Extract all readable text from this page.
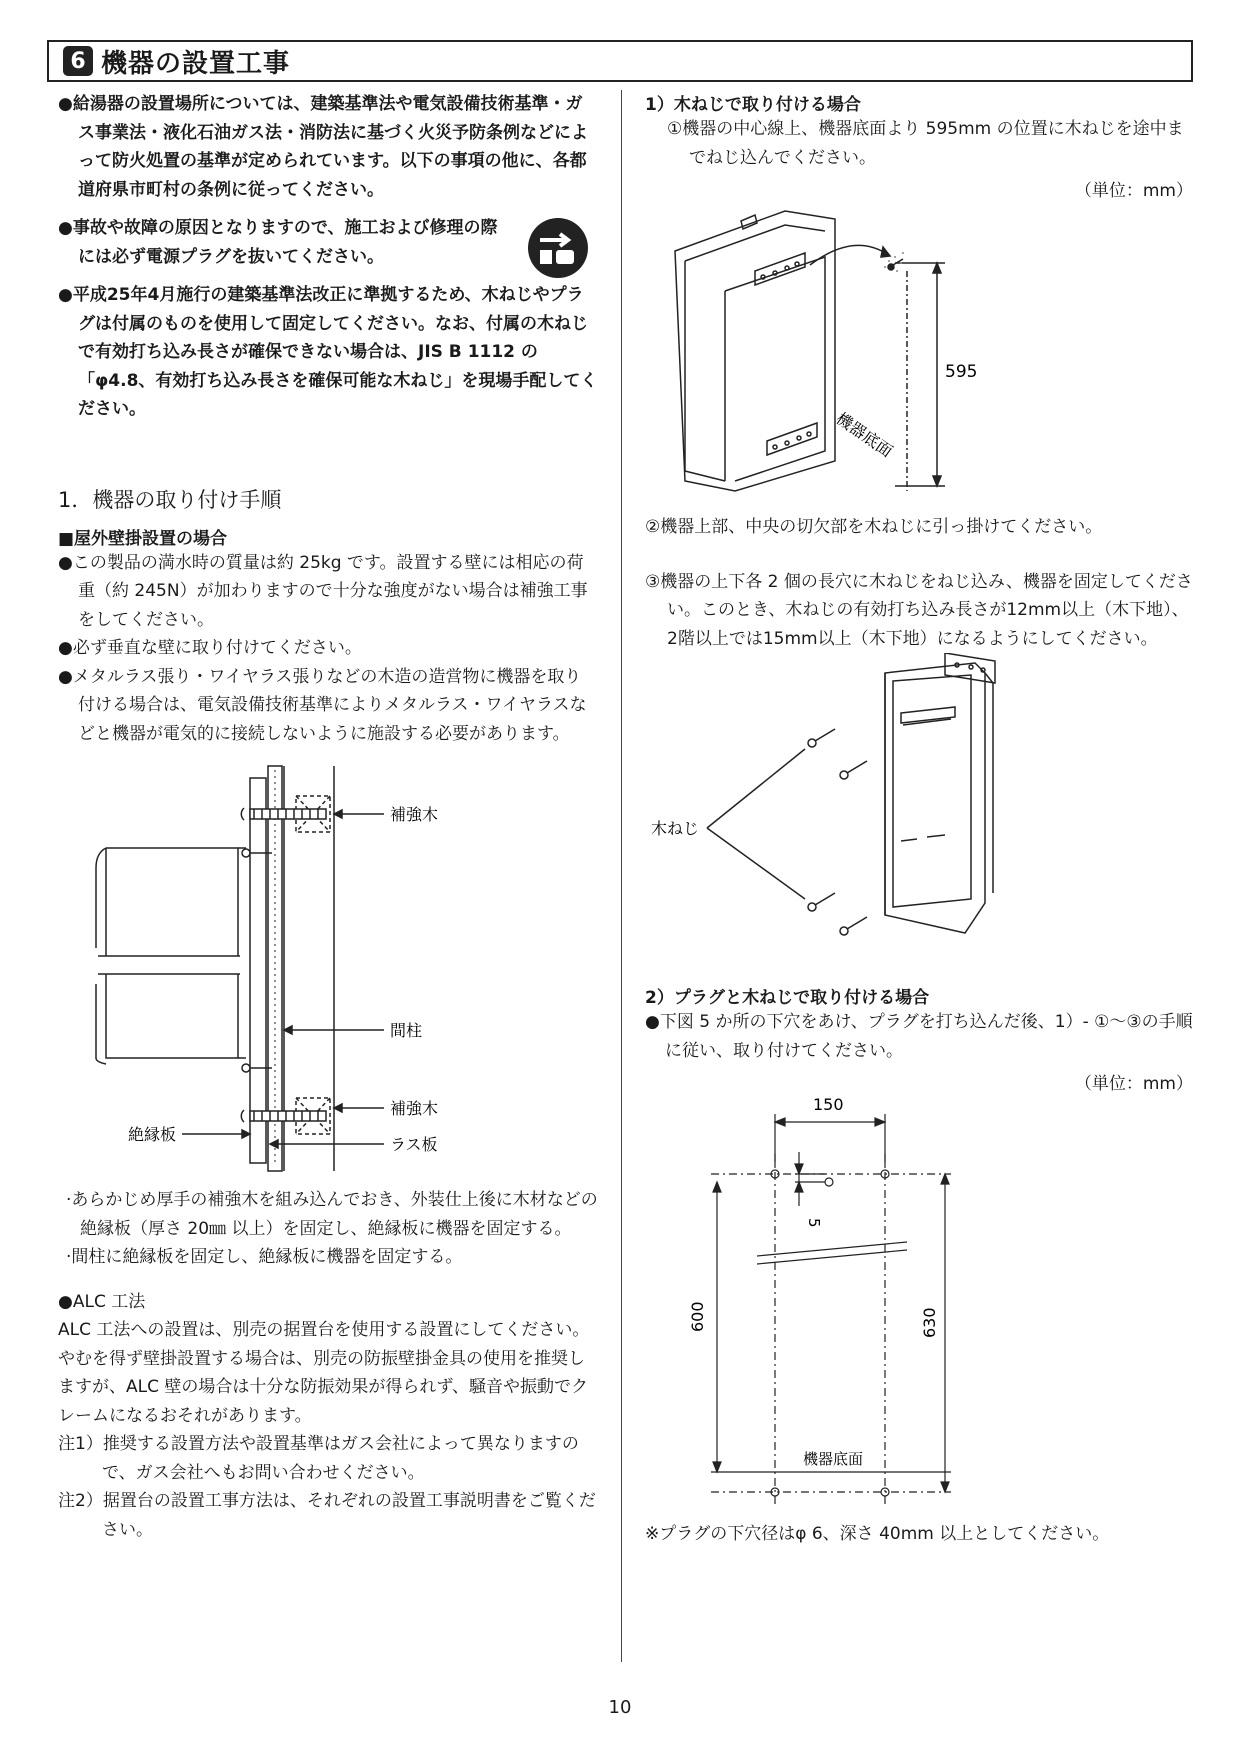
6 機器の設置工事

●給湯器の設置場所については、建築基準法や電気設備技術基準・ガス事業法・液化石油ガス法・消防法に基づく火災予防条例などによって防火処置の基準が定められています。以下の事項の他に、各都道府県市町村の条例に従ってください。

●事故や故障の原因となりますので、施工および修理の際には必ず電源プラグを抜いてください。

●平成25年4月施行の建築基準法改正に準拠するため、木ねじやプラグは付属のものを使用して固定してください。なお、付属の木ねじで有効打ち込み長さが確保できない場合は、JIS B 1112 の「φ4.8、有効打ち込み長さを確保可能な木ねじ」を現場手配してください。

1．機器の取り付け手順

■屋外壁掛設置の場合

●この製品の満水時の質量は約 25kg です。設置する壁には相応の荷重（約 245N）が加わりますので十分な強度がない場合は補強工事をしてください。

●必ず垂直な壁に取り付けてください。

●メタルラス張り・ワイヤラス張りなどの木造の造営物に機器を取り付ける場合は、電気設備技術基準によりメタルラス・ワイヤラスなどと機器が電気的に接続しないように施設する必要があります。

補強木
間柱
補強木
絶縁板
ラス板

·あらかじめ厚手の補強木を組み込んでおき、外装仕上後に木材などの絶縁板（厚さ 20㎜ 以上）を固定し、絶縁板に機器を固定する。

·間柱に絶縁板を固定し、絶縁板に機器を固定する。

●ALC 工法

ALC 工法への設置は、別売の据置台を使用する設置にしてください。やむを得ず壁掛設置する場合は、別売の防振壁掛金具の使用を推奨しますが、ALC 壁の場合は十分な防振効果が得られず、騒音や振動でクレームになるおそれがあります。

注1）推奨する設置方法や設置基準はガス会社によって異なりますので、ガス会社へもお問い合わせください。

注2）据置台の設置工事方法は、それぞれの設置工事説明書をご覧ください。

1）木ねじで取り付ける場合

①機器の中心線上、機器底面より 595mm の位置に木ねじを途中までねじ込んでください。

（単位：mm）

595
機器底面

②機器上部、中央の切欠部を木ねじに引っ掛けてください。

③機器の上下各 2 個の長穴に木ねじをねじ込み、機器を固定してください。このとき、木ねじの有効打ち込み長さが12mm以上（木下地）、2階以上では15mm以上（木下地）になるようにしてください。

木ねじ

2）プラグと木ねじで取り付ける場合

●下図 5 か所の下穴をあけ、プラグを打ち込んだ後、1）- ①～③の手順に従い、取り付けてください。

（単位：mm）

150
5
600	630
機器底面

※プラグの下穴径はφ 6、深さ 40mm 以上としてください。

10
